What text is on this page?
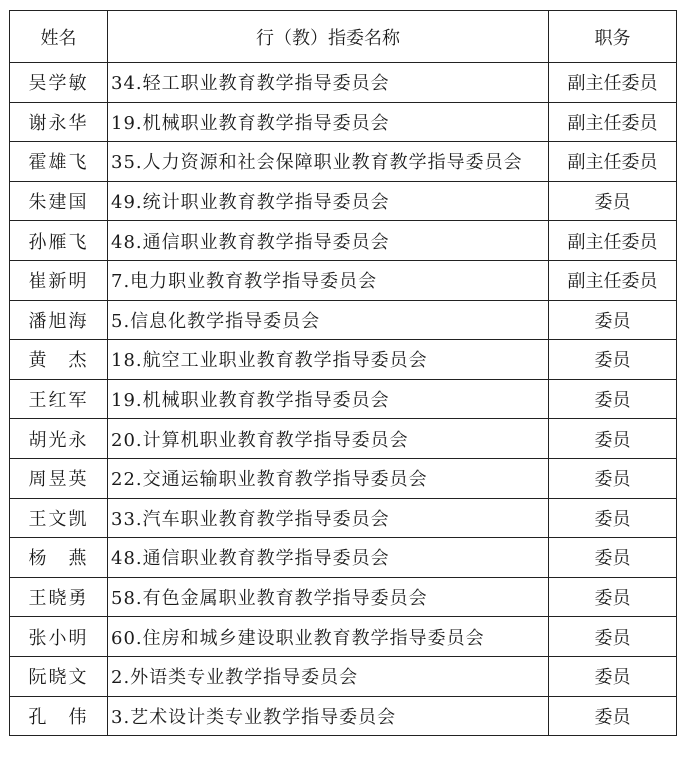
姓名	行（教）指委名称	职务
吴学敏	34.轻工职业教育教学指导委员会	副主任委员
谢永华	19.机械职业教育教学指导委员会	副主任委员
霍雄飞	35.人力资源和社会保障职业教育教学指导委员会	副主任委员
朱建国	49.统计职业教育教学指导委员会	委员
孙雁飞	48.通信职业教育教学指导委员会	副主任委员
崔新明	7.电力职业教育教学指导委员会	副主任委员
潘旭海	5.信息化教学指导委员会	委员
黄　杰	18.航空工业职业教育教学指导委员会	委员
王红军	19.机械职业教育教学指导委员会	委员
胡光永	20.计算机职业教育教学指导委员会	委员
周昱英	22.交通运输职业教育教学指导委员会	委员
王文凯	33.汽车职业教育教学指导委员会	委员
杨　燕	48.通信职业教育教学指导委员会	委员
王晓勇	58.有色金属职业教育教学指导委员会	委员
张小明	60.住房和城乡建设职业教育教学指导委员会	委员
阮晓文	2.外语类专业教学指导委员会	委员
孔　伟	3.艺术设计类专业教学指导委员会	委员
